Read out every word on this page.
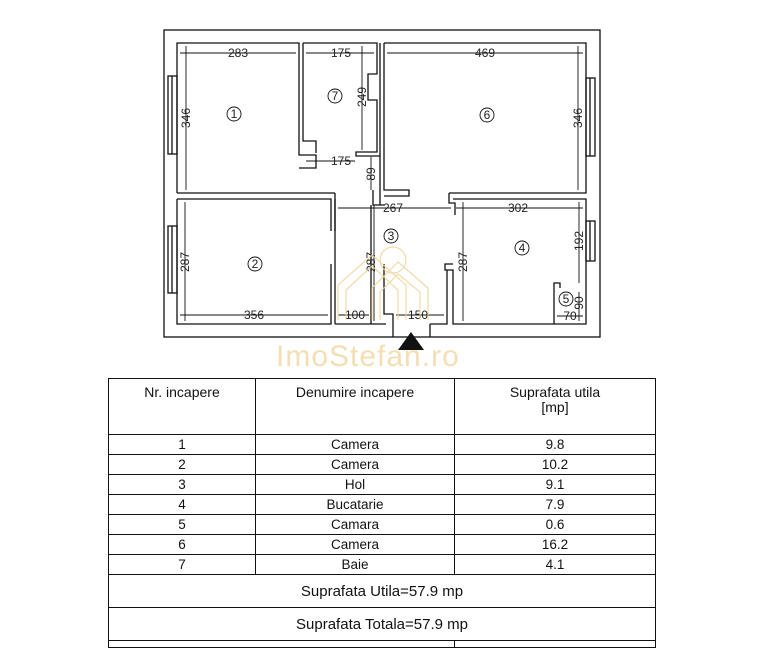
283
346
175
249
175
89
469
346
267
287
356	100
287
150
302
287
192
90
70
1
7
6
3
2
4
5
ImoStefan.ro
Nr. incapere	Denumire incapere	Suprafata utila
[mp]
1	Camera	9.8
2	Camera	10.2
3	Hol	9.1
4	Bucatarie	7.9
5	Camara	0.6
6	Camera	16.2
7	Baie	4.1
Suprafata Utila=57.9 mp		
Suprafata Totala=57.9 mp		
